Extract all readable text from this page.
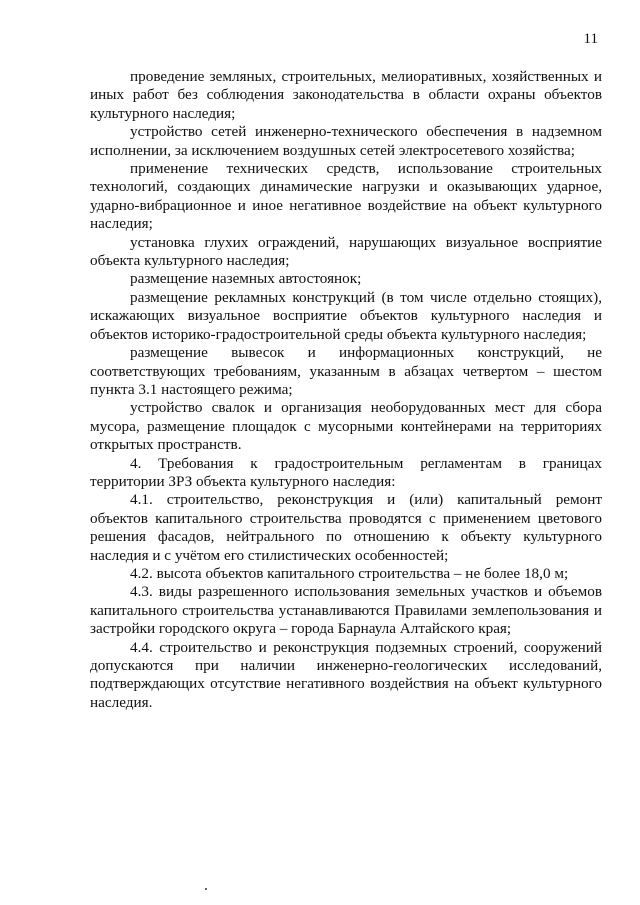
11

проведение земляных, строительных, мелиоративных, хозяйственных и иных работ без соблюдения законодательства в области охраны объектов культурного наследия;

устройство сетей инженерно-технического обеспечения в надземном исполнении, за исключением воздушных сетей электросетевого хозяйства;

применение технических средств, использование строительных технологий, создающих динамические нагрузки и оказывающих ударное, ударно-вибрационное и иное негативное воздействие на объект культурного наследия;

установка глухих ограждений, нарушающих визуальное восприятие объекта культурного наследия;

размещение наземных автостоянок;

размещение рекламных конструкций (в том числе отдельно стоящих), искажающих визуальное восприятие объектов культурного наследия и объектов историко-градостроительной среды объекта культурного наследия;

размещение вывесок и информационных конструкций, не соответствующих требованиям, указанным в абзацах четвертом – шестом пункта 3.1 настоящего режима;

устройство свалок и организация необорудованных мест для сбора мусора, размещение площадок с мусорными контейнерами на территориях открытых пространств.

4. Требования к градостроительным регламентам в границах территории ЗРЗ объекта культурного наследия:

4.1. строительство, реконструкция и (или) капитальный ремонт объектов капитального строительства проводятся с применением цветового решения фасадов, нейтрального по отношению к объекту культурного наследия и с учётом его стилистических особенностей;

4.2. высота объектов капитального строительства – не более 18,0 м;

4.3. виды разрешенного использования земельных участков и объемов капитального строительства устанавливаются Правилами землепользования и застройки городского округа – города Барнаула Алтайского края;

4.4. строительство и реконструкция подземных строений, сооружений допускаются при наличии инженерно-геологических исследований, подтверждающих отсутствие негативного воздействия на объект культурного наследия.
